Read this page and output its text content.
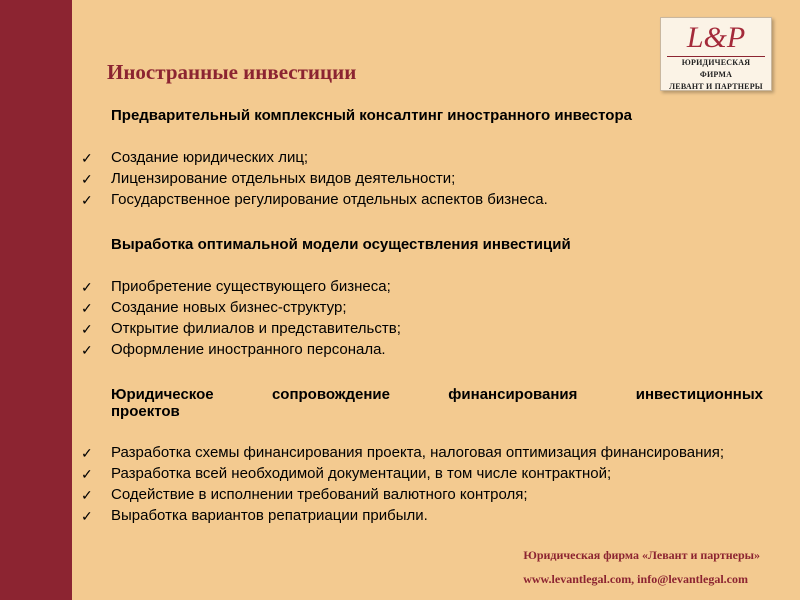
L&P
ЮРИДИЧЕСКАЯ ФИРМА
ЛЕВАНТ И ПАРТНЕРЫ
Иностранные инвестиции

Предварительный комплексный консалтинг иностранного инвестора

✓ Создание юридических лиц;
✓ Лицензирование отдельных видов деятельности;
✓ Государственное регулирование отдельных аспектов бизнеса.

Выработка оптимальной модели осуществления инвестиций

✓ Приобретение существующего бизнеса;
✓ Создание новых бизнес-структур;
✓ Открытие филиалов и представительств;
✓ Оформление иностранного персонала.
Юридическое сопровождение финансирования инвестиционных
проектов
✓ Разработка схемы финансирования проекта, налоговая оптимизация финансирования;
✓ Разработка всей необходимой документации, в том числе контрактной;
✓ Содействие в исполнении требований валютного контроля;
✓ Выработка вариантов репатриации прибыли.
Юридическая фирма «Левант и партнеры»
www.levantlegal.com, info@levantlegal.com
